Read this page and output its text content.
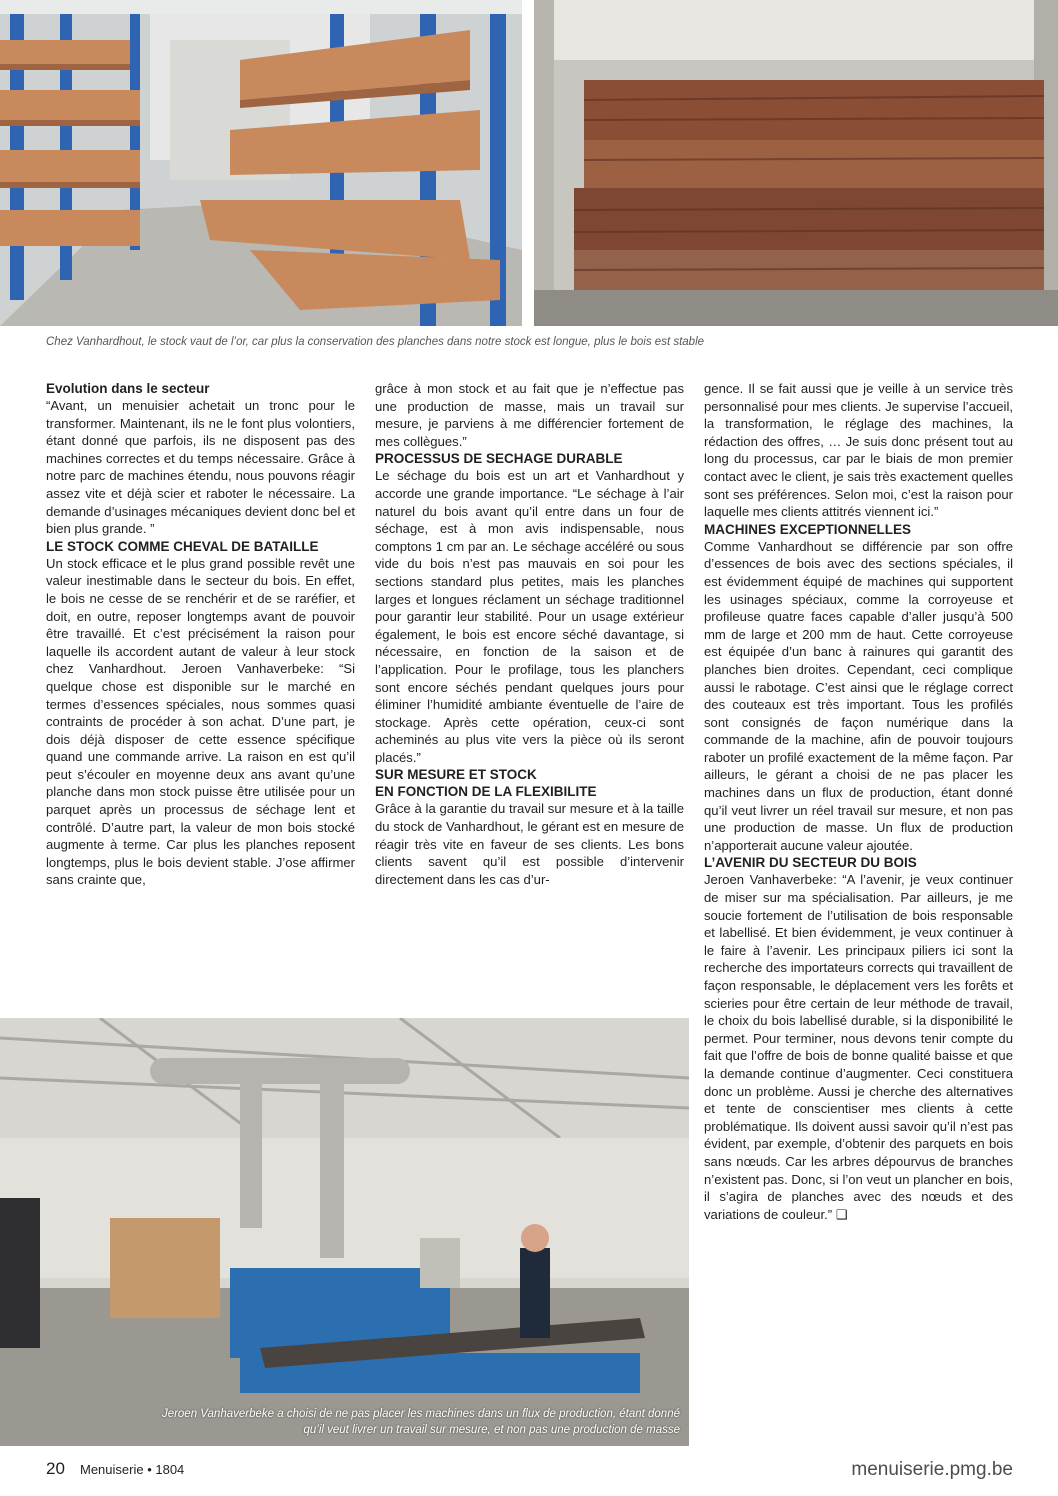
Chez Vanhardhout, le stock vaut de l’or, car plus la conservation des planches dans notre stock est longue, plus le bois est stable

Evolution dans le secteur

“Avant, un menuisier achetait un tronc pour le transformer. Maintenant, ils ne le font plus volontiers, étant donné que parfois, ils ne disposent pas des machines correctes et du temps nécessaire. Grâce à notre parc de machines étendu, nous pouvons réagir assez vite et déjà scier et raboter le nécessaire. La demande d’usinages mécaniques devient donc bel et bien plus grande. ”

LE STOCK COMME CHEVAL DE BATAILLE

Un stock efficace et le plus grand possible revêt une valeur inestimable dans le secteur du bois. En effet, le bois ne cesse de se renchérir et de se raréfier, et doit, en outre, reposer longtemps avant de pouvoir être travaillé. Et c’est précisément la raison pour laquelle ils accordent autant de valeur à leur stock chez Vanhardhout. Jeroen Vanhaverbeke: “Si quelque chose est disponible sur le marché en termes d’essences spéciales, nous sommes quasi contraints de procéder à son achat. D’une part, je dois déjà disposer de cette essence spécifique quand une commande arrive. La raison en est qu’il peut s’écouler en moyenne deux ans avant qu’une planche dans mon stock puisse être utilisée pour un parquet après un processus de séchage lent et contrôlé. D’autre part, la valeur de mon bois stocké augmente à terme. Car plus les planches reposent longtemps, plus le bois devient stable. J’ose affirmer sans crainte que,

grâce à mon stock et au fait que je n’effectue pas une production de masse, mais un travail sur mesure, je parviens à me différencier fortement de mes collègues.”

PROCESSUS DE SECHAGE DURABLE

Le séchage du bois est un art et Vanhardhout y accorde une grande importance. “Le séchage à l’air naturel du bois avant qu’il entre dans un four de séchage, est à mon avis indispensable, nous comptons 1 cm par an. Le séchage accéléré ou sous vide du bois n’est pas mauvais en soi pour les sections standard plus petites, mais les planches larges et longues réclament un séchage traditionnel pour garantir leur stabilité. Pour un usage extérieur également, le bois est encore séché davantage, si nécessaire, en fonction de la saison et de l’application. Pour le profilage, tous les planchers sont encore séchés pendant quelques jours pour éliminer l’humidité ambiante éventuelle de l’aire de stockage. Après cette opération, ceux-ci sont acheminés au plus vite vers la pièce où ils seront placés.”

SUR MESURE ET STOCK
EN FONCTION DE LA FLEXIBILITE

Grâce à la garantie du travail sur mesure et à la taille du stock de Vanhardhout, le gérant est en mesure de réagir très vite en faveur de ses clients. Les bons clients savent qu’il est possible d’intervenir directement dans les cas d’ur-

gence. Il se fait aussi que je veille à un service très personnalisé pour mes clients. Je supervise l’accueil, la transformation, le réglage des machines, la rédaction des offres, … Je suis donc présent tout au long du processus, car par le biais de mon premier contact avec le client, je sais très exactement quelles sont ses préférences. Selon moi, c’est la raison pour laquelle mes clients attitrés viennent ici.”

MACHINES EXCEPTIONNELLES

Comme Vanhardhout se différencie par son offre d’essences de bois avec des sections spéciales, il est évidemment équipé de machines qui supportent les usinages spéciaux, comme la corroyeuse et profileuse quatre faces capable d’aller jusqu’à 500 mm de large et 200 mm de haut. Cette corroyeuse est équipée d’un banc à rainures qui garantit des planches bien droites. Cependant, ceci complique aussi le rabotage. C’est ainsi que le réglage correct des couteaux est très important. Tous les profilés sont consignés de façon numérique dans la commande de la machine, afin de pouvoir toujours raboter un profilé exactement de la même façon. Par ailleurs, le gérant a choisi de ne pas placer les machines dans un flux de production, étant donné qu’il veut livrer un réel travail sur mesure, et non pas une production de masse. Un flux de production n’apporterait aucune valeur ajoutée.

L’AVENIR DU SECTEUR DU BOIS

Jeroen Vanhaverbeke: “A l’avenir, je veux continuer de miser sur ma spécialisation. Par ailleurs, je me soucie fortement de l’utilisation de bois responsable et labellisé. Et bien évidemment, je veux continuer à le faire à l’avenir. Les principaux piliers ici sont la recherche des importateurs corrects qui travaillent de façon responsable, le déplacement vers les forêts et scieries pour être certain de leur méthode de travail, le choix du bois labellisé durable, si la disponibilité le permet. Pour terminer, nous devons tenir compte du fait que l’offre de bois de bonne qualité baisse et que la demande continue d’augmenter. Ceci constituera donc un problème. Aussi je cherche des alternatives et tente de conscientiser mes clients à cette problématique. Ils doivent aussi savoir qu’il n’est pas évident, par exemple, d’obtenir des parquets en bois sans nœuds. Car les arbres dépourvus de branches n’existent pas. Donc, si l’on veut un plancher en bois, il s’agira de planches avec des nœuds et des variations de couleur.” ❑

Jeroen Vanhaverbeke a choisi de ne pas placer les machines dans un flux de production, étant donné qu’il veut livrer un travail sur mesure, et non pas une production de masse
20 Menuiserie • 1804	menuiserie.pmg.be
